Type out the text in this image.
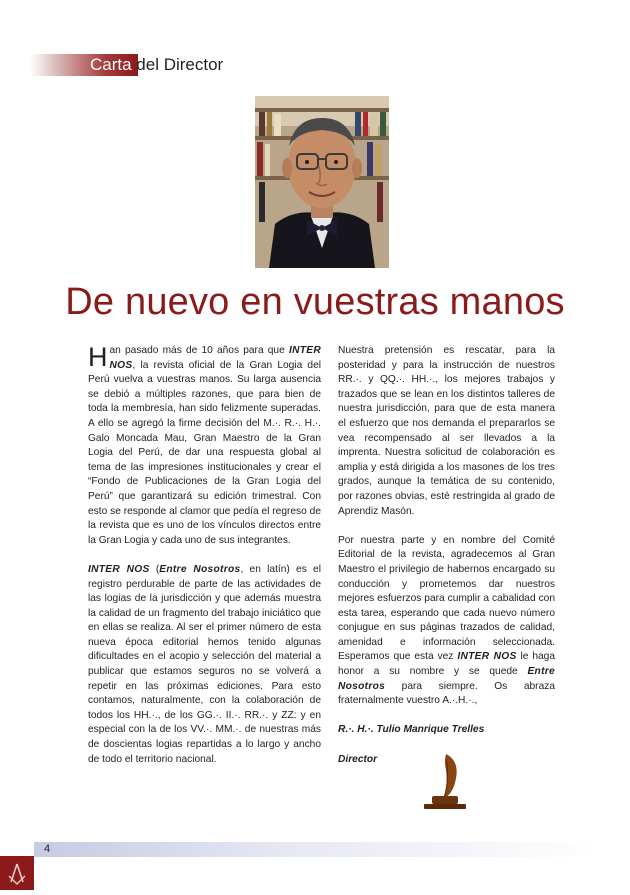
Carta del Director
De nuevo en vuestras manos

Han pasado más de 10 años para que INTER NOS, la revista oficial de la Gran Logia del Perú vuelva a vuestras manos. Su larga ausencia se debió a múltiples razones, que para bien de toda la membresía, han sido felizmente superadas. A ello se agregó la firme decisión del M.·. R.·. H.·. Galo Moncada Mau, Gran Maestro de la Gran Logia del Perú, de dar una respuesta global al tema de las impresiones institucionales y crear el “Fondo de Publicaciones de la Gran Logia del Perú” que garantizará su edición trimestral. Con esto se responde al clamor que pedía el regreso de la revista que es uno de los vínculos directos entre la Gran Logia y cada uno de sus integrantes.

INTER NOS (Entre Nosotros, en latín) es el registro perdurable de parte de las actividades de las logias de la jurisdicción y que además muestra la calidad de un fragmento del trabajo iniciático que en ellas se realiza. Al ser el primer número de esta nueva época editorial hemos tenido algunas dificultades en el acopio y selección del material a publicar que estamos seguros no se volverá a repetir en las próximas ediciones. Para esto contamos, naturalmente, con la colaboración de todos los HH.·., de los GG.·. II.·. RR.·. y ZZ: y en especial con la de los VV.·. MM.·. de nuestras más de doscientas logias repartidas a lo largo y ancho de todo el territorio nacional.

Nuestra pretensión es rescatar, para la posteridad y para la instrucción de nuestros RR.·. y QQ.·. HH.·., los mejores trabajos y trazados que se lean en los distintos talleres de nuestra jurisdicción, para que de esta manera el esfuerzo que nos demanda el prepararlos se vea recompensado al ser llevados a la imprenta. Nuestra solicitud de colaboración es amplia y está dirigida a los masones de los tres grados, aunque la temática de su contenido, por razones obvias, esté restringida al grado de Aprendiz Masón.

Por nuestra parte y en nombre del Comité Editorial de la revista, agradecemos al Gran Maestro el privilegio de habernos encargado su conducción y prometemos dar nuestros mejores esfuerzos para cumplir a cabalidad con esta tarea, esperando que cada nuevo número conjugue en sus páginas trazados de calidad, amenidad e información seleccionada. Esperamos que esta vez INTER NOS le haga honor a su nombre y se quede Entre Nosotros para siempre. Os abraza fraternalmente vuestro A.·.H.·.,

R.·. H.·. Tulio Manrique Trelles

Director

4
